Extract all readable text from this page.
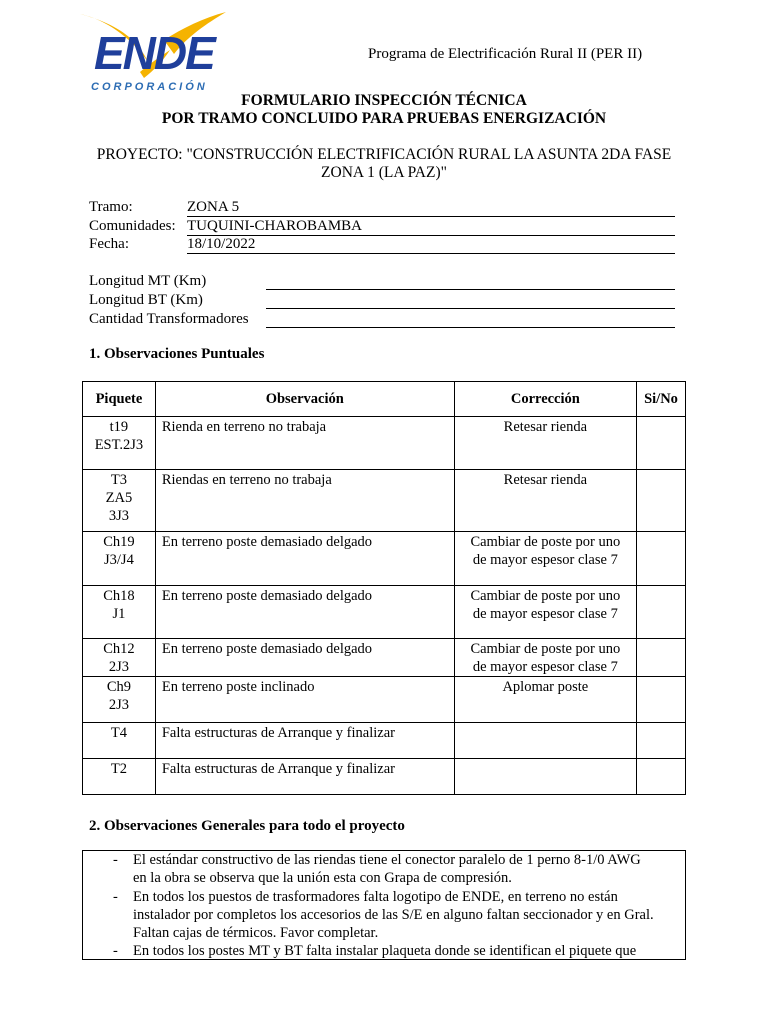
ENDE
CORPORACIÓN
Programa de Electrificación Rural II (PER II)
FORMULARIO INSPECCIÓN TÉCNICA
POR TRAMO CONCLUIDO PARA PRUEBAS ENERGIZACIÓN
PROYECTO: "CONSTRUCCIÓN ELECTRIFICACIÓN RURAL LA ASUNTA 2DA FASE
ZONA 1 (LA PAZ)"
Tramo:	ZONA 5
Comunidades: TUQUINI-CHAROBAMBA
Fecha:	18/10/2022
Longitud MT (Km)
Longitud BT (Km)
Cantidad Transformadores
1. Observaciones Puntuales
Piquete	Observación	Corrección	Si/No

t19
EST.2J3	Rienda en terreno no trabaja	Retesar rienda	

T3
ZA5
3J3	Riendas en terreno no trabaja	Retesar rienda	

Ch19
J3/J4	En terreno poste demasiado delgado	Cambiar de poste por uno
de mayor espesor clase 7	

Ch18
J1	En terreno poste demasiado delgado	Cambiar de poste por uno
de mayor espesor clase 7	

Ch12
2J3	En terreno poste demasiado delgado	Cambiar de poste por uno
de mayor espesor clase 7	

Ch9
2J3	En terreno poste inclinado	Aplomar poste	

T4	Falta estructuras de Arranque y finalizar		

T2	Falta estructuras de Arranque y finalizar		

2. Observaciones Generales para todo el proyecto
- El estándar constructivo de las riendas tiene el conector paralelo de 1 perno 8-1/0 AWG
en la obra se observa que la unión esta con Grapa de compresión.
- En todos los puestos de trasformadores falta logotipo de ENDE, en terreno no están
instalador por completos los accesorios de las S/E en alguno faltan seccionador y en Gral.
Faltan cajas de térmicos. Favor completar.
- En todos los postes MT y BT falta instalar plaqueta donde se identifican el piquete que
